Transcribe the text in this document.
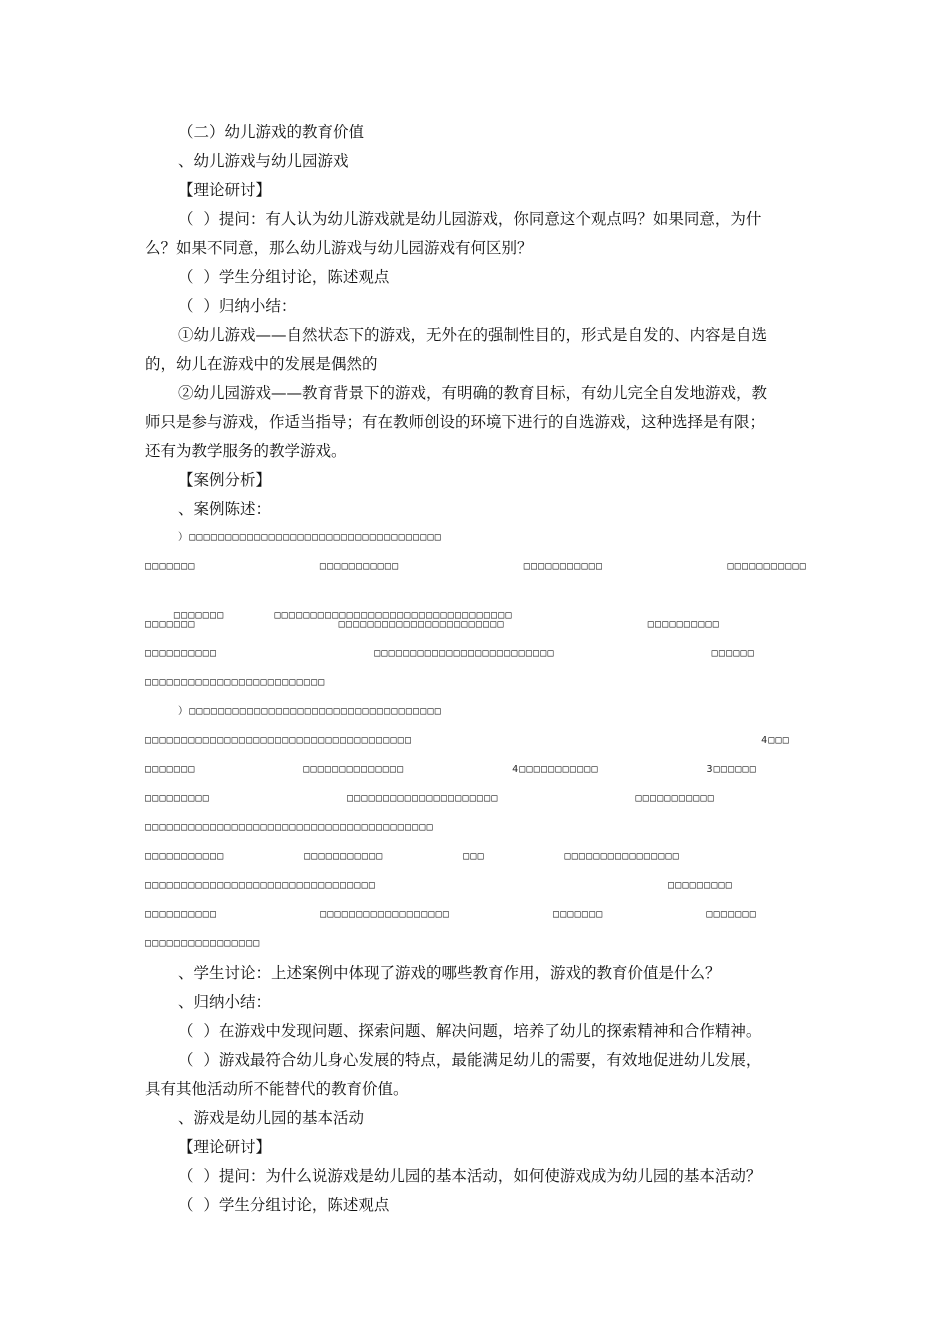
（二）幼儿游戏的教育价值
、幼儿游戏与幼儿园游戏
【理论研讨】
（  ）提问：有人认为幼儿游戏就是幼儿园游戏，你同意这个观点吗？如果同意，为什
么？如果不同意，那么幼儿游戏与幼儿园游戏有何区别？
（  ）学生分组讨论，陈述观点
（  ）归纳小结：
①幼儿游戏——自然状态下的游戏，无外在的强制性目的，形式是自发的、内容是自选
的，幼儿在游戏中的发展是偶然的
②幼儿园游戏——教育背景下的游戏，有明确的教育目标，有幼儿完全自发地游戏，教
师只是参与游戏，作适当指导；有在教师创设的环境下进行的自选游戏，这种选择是有限；
还有为教学服务的教学游戏。
【案例分析】
、案例陈述：
）□□□□□□□□□□□□□□□□□□□□□□□□□□□□□□□□□□□
□□□□□□□	□□□□□□□□□□□	□□□□□□□□□□□	□□□□□□□□□□□

□□□□□□□	□□□□□□□□□□□□□□□□□□□□□□□□□□□□□□□□□

□□□□□□□	□□□□□□□□□□□□□□□□□□□□□□□	□□□□□□□□□□
□□□□□□□□□□	□□□□□□□□□□□□□□□□□□□□□□□□□	□□□□□□
□□□□□□□□□□□□□□□□□□□□□□□□□
）□□□□□□□□□□□□□□□□□□□□□□□□□□□□□□□□□□□
□□□□□□□□□□□□□□□□□□□□□□□□□□□□□□□□□□□□□	4□□□
□□□□□□□	□□□□□□□□□□□□□□	4□□□□□□□□□□□	3□□□□□□
□□□□□□□□□	□□□□□□□□□□□□□□□□□□□□□	□□□□□□□□□□□
□□□□□□□□□□□□□□□□□□□□□□□□□□□□□□□□□□□□□□□□
□□□□□□□□□□□	□□□□□□□□□□□	□□□	□□□□□□□□□□□□□□□□
□□□□□□□□□□□□□□□□□□□□□□□□□□□□□□□□	□□□□□□□□□
□□□□□□□□□□	□□□□□□□□□□□□□□□□□□	□□□□□□□	□□□□□□□
□□□□□□□□□□□□□□□□
、学生讨论：上述案例中体现了游戏的哪些教育作用，游戏的教育价值是什么？
、归纳小结：
（  ）在游戏中发现问题、探索问题、解决问题，培养了幼儿的探索精神和合作精神。
（  ）游戏最符合幼儿身心发展的特点，最能满足幼儿的需要，有效地促进幼儿发展，
具有其他活动所不能替代的教育价值。
、游戏是幼儿园的基本活动
【理论研讨】
（  ）提问：为什么说游戏是幼儿园的基本活动，如何使游戏成为幼儿园的基本活动？
（  ）学生分组讨论，陈述观点
